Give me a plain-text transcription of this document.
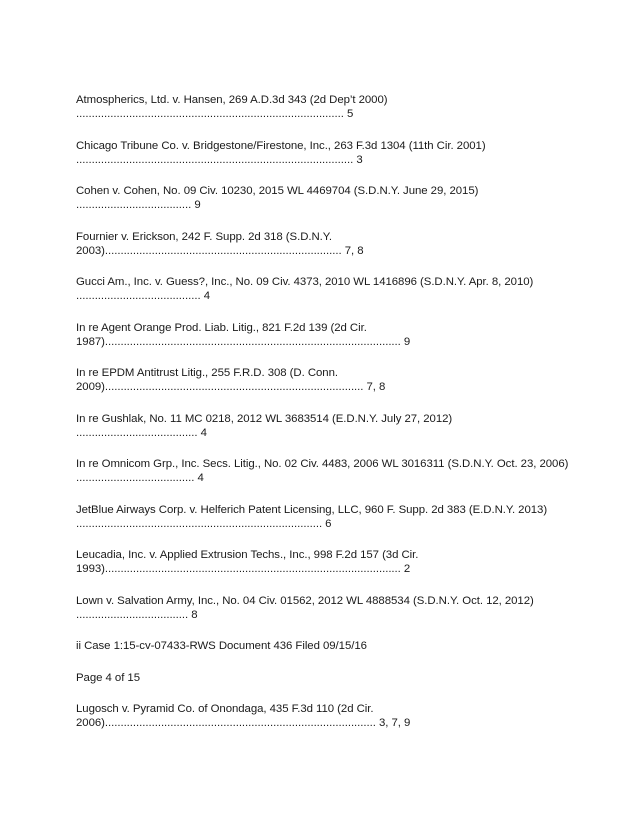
Atmospherics, Ltd. v. Hansen, 269 A.D.3d 343 (2d Dep’t 2000)
...................................................................................... 5
Chicago Tribune Co. v. Bridgestone/Firestone, Inc., 263 F.3d 1304 (11th Cir. 2001)
......................................................................................... 3
Cohen v. Cohen, No. 09 Civ. 10230, 2015 WL 4469704 (S.D.N.Y. June 29, 2015)
..................................... 9
Fournier v. Erickson, 242 F. Supp. 2d 318 (S.D.N.Y.
2003)............................................................................ 7, 8
Gucci Am., Inc. v. Guess?, Inc., No. 09 Civ. 4373, 2010 WL 1416896 (S.D.N.Y. Apr. 8, 2010)
........................................ 4
In re Agent Orange Prod. Liab. Litig., 821 F.2d 139 (2d Cir.
1987)............................................................................................... 9
In re EPDM Antitrust Litig., 255 F.R.D. 308 (D. Conn.
2009)................................................................................... 7, 8
In re Gushlak, No. 11 MC 0218, 2012 WL 3683514 (E.D.N.Y. July 27, 2012)
....................................... 4
In re Omnicom Grp., Inc. Secs. Litig., No. 02 Civ. 4483, 2006 WL 3016311 (S.D.N.Y. Oct. 23, 2006)
...................................... 4
JetBlue Airways Corp. v. Helferich Patent Licensing, LLC, 960 F. Supp. 2d 383 (E.D.N.Y. 2013)
............................................................................... 6
Leucadia, Inc. v. Applied Extrusion Techs., Inc., 998 F.2d 157 (3d Cir.
1993)............................................................................................... 2
Lown v. Salvation Army, Inc., No. 04 Civ. 01562, 2012 WL 4888534 (S.D.N.Y. Oct. 12, 2012)
.................................... 8
ii Case 1:15-cv-07433-RWS Document 436 Filed 09/15/16
Page 4 of 15
Lugosch v. Pyramid Co. of Onondaga, 435 F.3d 110 (2d Cir.
2006)....................................................................................... 3, 7, 9
